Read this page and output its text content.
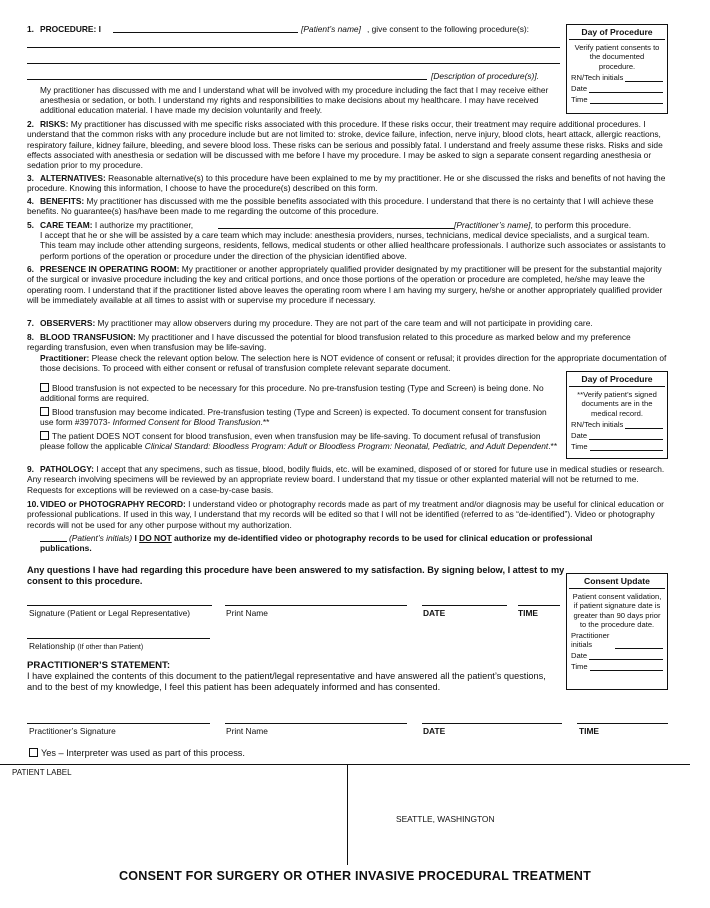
1. PROCEDURE: I	[Patient’s name] , give consent to the following procedure(s):
[Description of procedure(s)].
My practitioner has discussed with me and I understand what will be involved with my procedure including the fact that I may receive either anesthesia or sedation, or both. I understand my rights and responsibilities to make decisions about my healthcare. I may have received additional education material. I have made my decision voluntarily and freely.
Day of Procedure
Verify patient consents to the documented procedure.
RN/Tech initials
Date
Time
2. RISKS: My practitioner has discussed with me specific risks associated with this procedure. If these risks occur, their treatment may require additional procedures. I understand that the common risks with any procedure include but are not limited to: stroke, device failure, infection, nerve injury, blood clots, heart attack, allergic reactions, respiratory failure, kidney failure, bleeding, and severe blood loss. These risks can be serious and possibly fatal. I understand and freely assume these risks. Risks and side effects associated with anesthesia or sedation will be discussed with me before I have my procedure. I may be asked to sign a separate consent regarding anesthesia or sedation prior to my procedure.
3. ALTERNATIVES: Reasonable alternative(s) to this procedure have been explained to me by my practitioner. He or she discussed the risks and benefits of not having the procedure. Knowing this information, I choose to have the procedure(s) described on this form.
4. BENEFITS: My practitioner has discussed with me the possible benefits associated with this procedure. I understand that there is no certainty that I will achieve these benefits. No guarantee(s) has/have been made to me regarding the outcome of this procedure.
5. CARE TEAM: I authorize my practitioner,	[Practitioner’s name], to perform this procedure.
I accept that he or she will be assisted by a care team which may include: anesthesia providers, nurses, technicians, medical device specialists, and a surgical team. This team may include other attending surgeons, residents, fellows, medical students or other allied healthcare professionals. I authorize such associates or assistants to perform portions of the operation or procedure under the direction of the physician identified above.
6. PRESENCE IN OPERATING ROOM: My practitioner or another appropriately qualified provider designated by my practitioner will be present for the substantial majority of the surgical or invasive procedure including the key and critical portions, and once those portions of the operation or procedure are completed, he/she may leave the operating room. I understand that if the practitioner listed above leaves the operating room where I am having my surgery, he/she or another appropriately qualified provider will be immediately available at all times to assist with or supervise my procedure if necessary.
7. OBSERVERS: My practitioner may allow observers during my procedure. They are not part of the care team and will not participate in providing care.
8. BLOOD TRANSFUSION: My practitioner and I have discussed the potential for blood transfusion related to this procedure as marked below and my preference regarding transfusion, even when transfusion may be life-saving.
Practitioner: Please check the relevant option below. The selection here is NOT evidence of consent or refusal; it provides direction for the appropriate documentation of those decisions. To proceed with either consent or refusal of transfusion complete relevant separate document.
Blood transfusion is not expected to be necessary for this procedure. No pre-transfusion testing (Type and Screen) is being done. No additional forms are required.
Blood transfusion may become indicated. Pre-transfusion testing (Type and Screen) is expected. To document consent for transfusion use form #397073- Informed Consent for Blood Transfusion.**
The patient DOES NOT consent for blood transfusion, even when transfusion may be life-saving. To document refusal of transfusion please follow the applicable Clinical Standard: Bloodless Program: Adult or Bloodless Program: Neonatal, Pediatric, and Adult Dependent.**
Day of Procedure
**Verify patient’s signed documents are in the medical record.
RN/Tech initials
Date
Time
9. PATHOLOGY: I accept that any specimens, such as tissue, blood, bodily fluids, etc. will be examined, disposed of or stored for future use in medical studies or research. Any research involving specimens will be reviewed by an appropriate review board. I understand that my tissue or other explanted material will not be returned to me. Requests for exceptions will be reviewed on a case-by-case basis.
10.VIDEO or PHOTOGRAPHY RECORD: I understand video or photography records made as part of my treatment and/or diagnosis may be useful for clinical education or professional publications. If used in this way, I understand that my records will be edited so that I will not be identified (referred to as “de-identified”). Video or photography records will not be used for any other purpose without my authorization.
(Patient’s initials) I DO NOT authorize my de-identified video or photography records to be used for clinical education or professional publications.
Any questions I have had regarding this procedure have been answered to my satisfaction. By signing below, I attest to my consent to this procedure.
Signature (Patient or Legal Representative)	Print Name	DATE	TIME
Relationship (If other than Patient)
Consent Update
Patient consent validation, if patient signature date is greater than 90 days prior to the procedure date.
Practitioner initials
Date
Time
PRACTITIONER’S STATEMENT:
I have explained the contents of this document to the patient/legal representative and have answered all the patient’s questions, and to the best of my knowledge, I feel this patient has been adequately informed and has consented.
Practitioner’s Signature	Print Name	DATE	TIME
Yes – Interpreter was used as part of this process.
PATIENT LABEL
SEATTLE, WASHINGTON
CONSENT FOR SURGERY OR OTHER INVASIVE PROCEDURAL TREATMENT
